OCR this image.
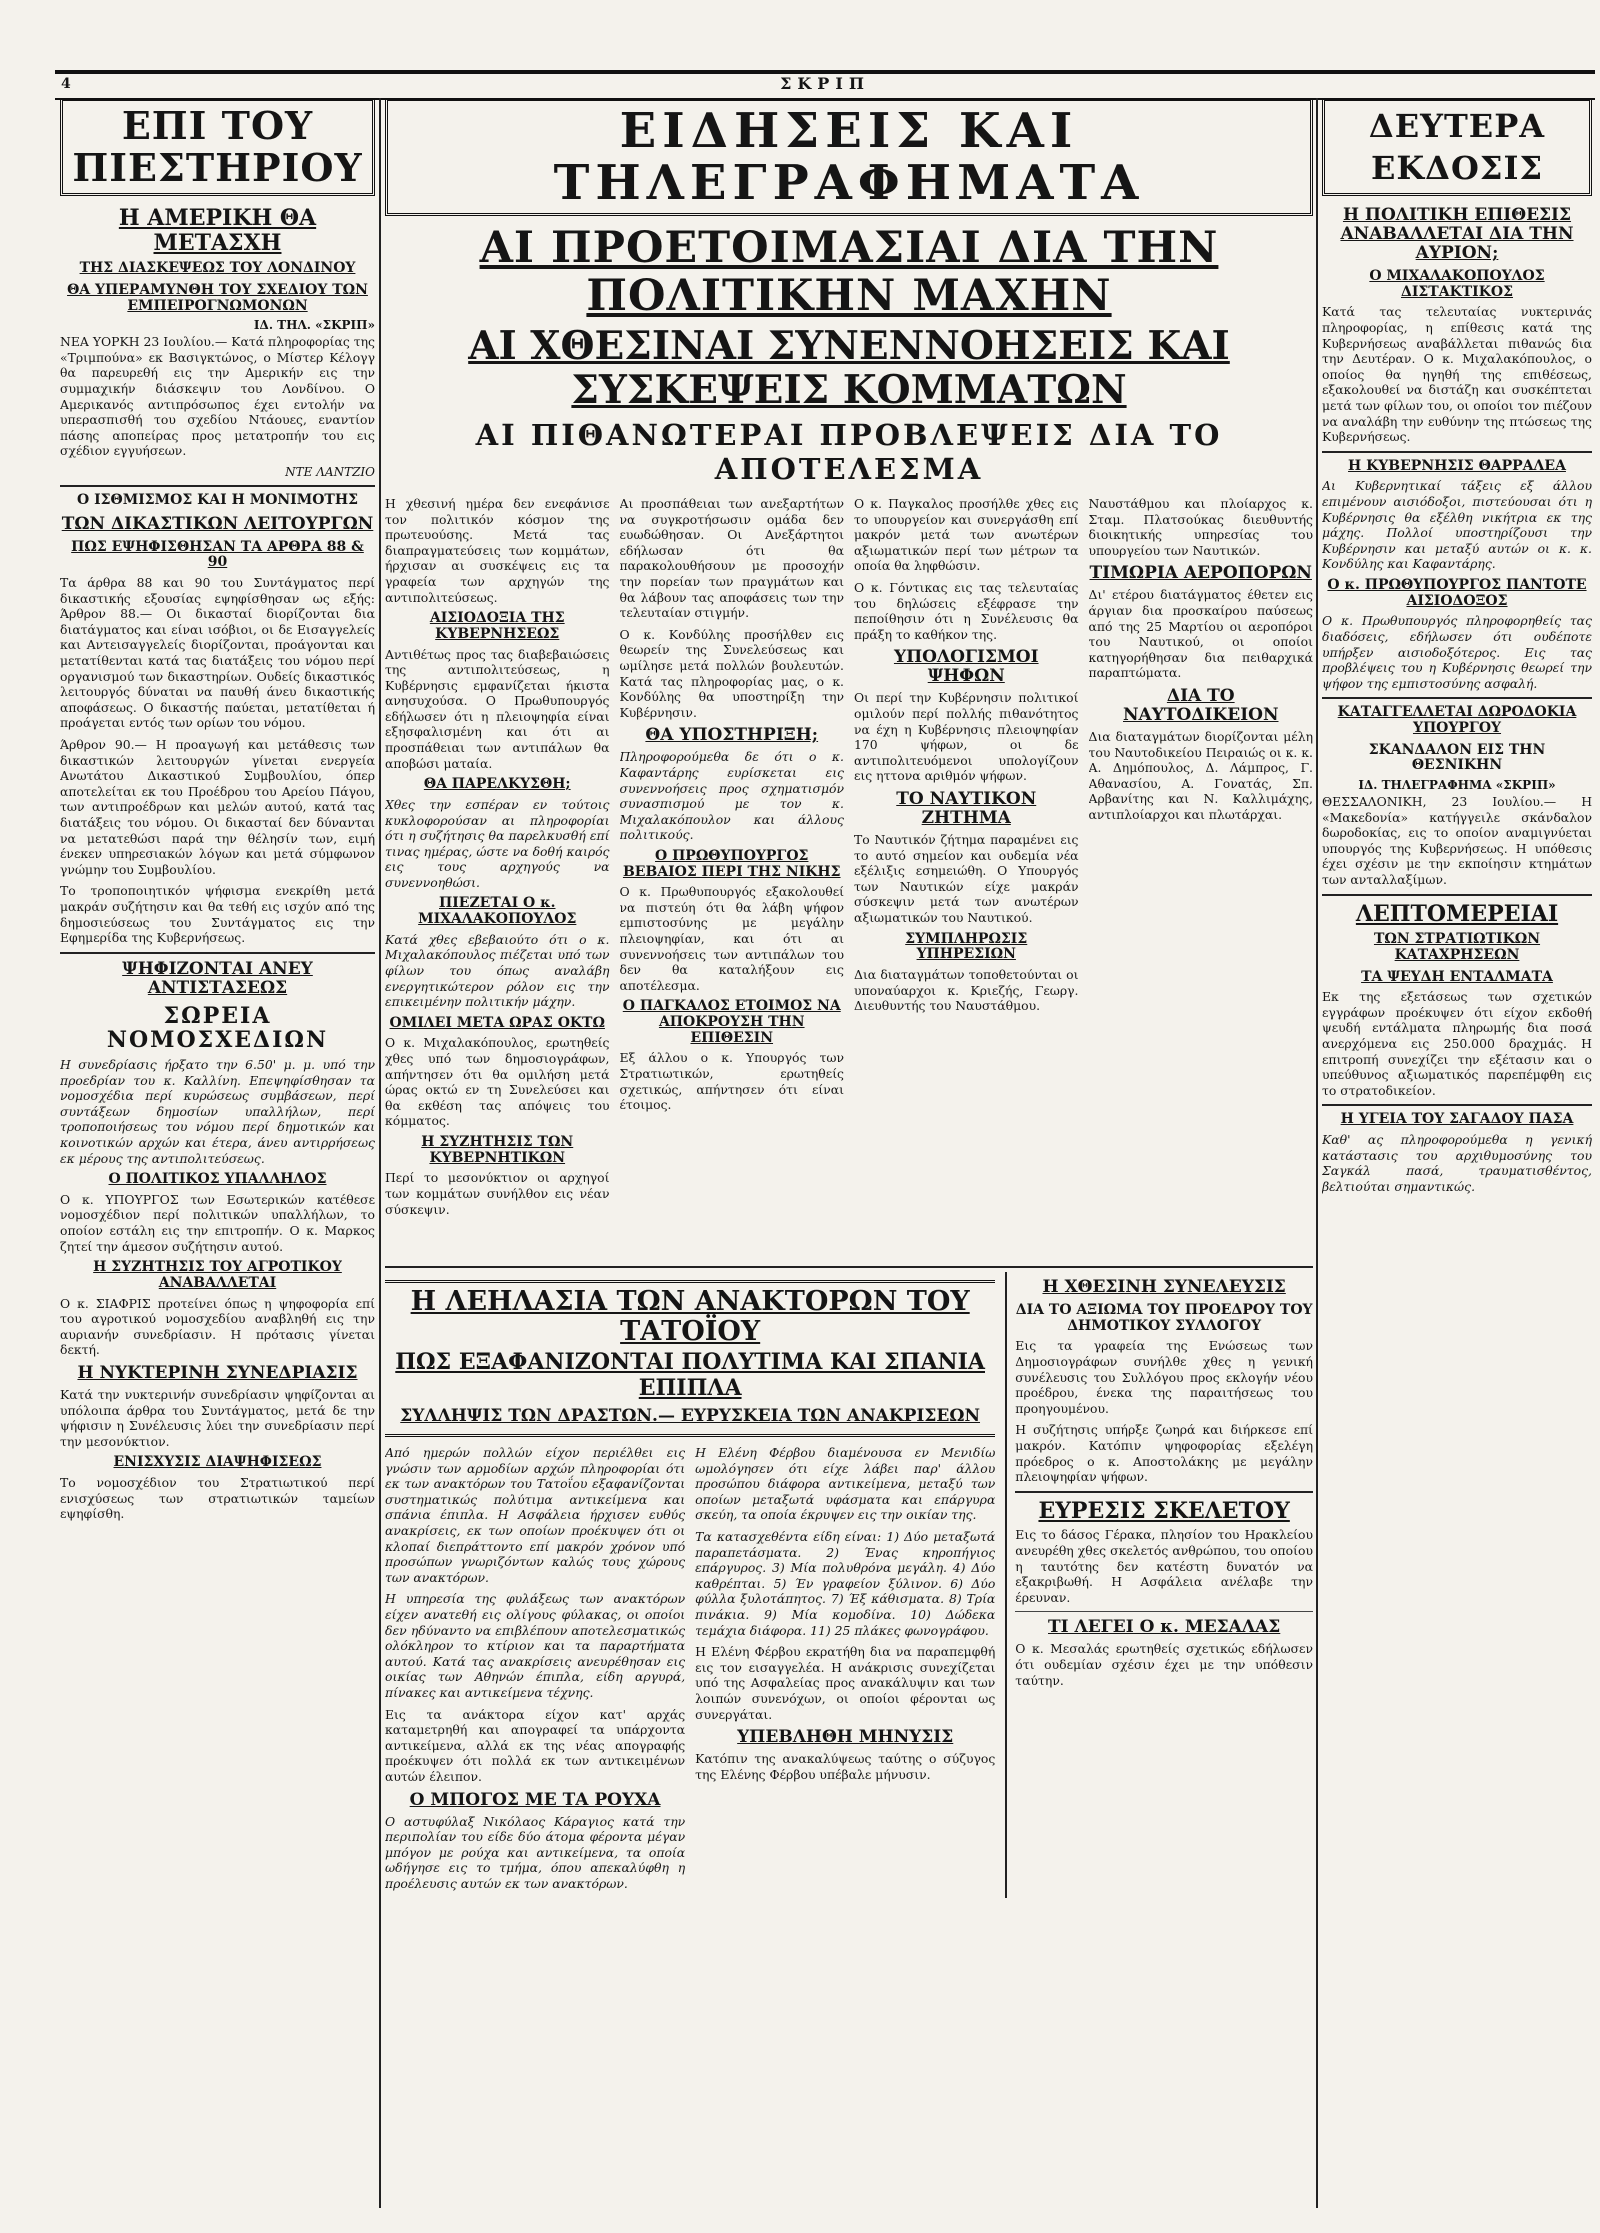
4	ΣΚΡΙΠ
ΕΠΙ ΤΟΥ ΠΙΕΣΤΗΡΙΟΥ
Η ΑΜΕΡΙΚΗ ΘΑ ΜΕΤΑΣΧΗ
ΤΗΣ ΔΙΑΣΚΕΨΕΩΣ ΤΟΥ ΛΟΝΔΙΝΟΥ
ΘΑ ΥΠΕΡΑΜΥΝΘΗ ΤΟΥ ΣΧΕΔΙΟΥ ΤΩΝ ΕΜΠΕΙΡΟΓΝΩΜΟΝΩΝ
ΙΔ. ΤΗΛ. «ΣΚΡΙΠ»

ΝΕΑ ΥΟΡΚΗ 23 Ιουλίου.— Κατά πληροφορίας της «Τριμπούνα» εκ Βασιγκτώνος, ο Μίστερ Κέλογγ θα παρευρεθή εις την Αμερικήν εις την συμμαχικήν διάσκεψιν του Λονδίνου. Ο Αμερικανός αντιπρόσωπος έχει εντολήν να υπερασπισθή του σχεδίου Ντάουες, εναντίον πάσης αποπείρας προς μετατροπήν του εις σχέδιον εγγυήσεων.

ΝΤΕ ΛΑΝΤΖΙΟ
Ο ΙΣΘΜΙΣΜΟΣ ΚΑΙ Η ΜΟΝΙΜΟΤΗΣ
ΤΩΝ ΔΙΚΑΣΤΙΚΩΝ ΛΕΙΤΟΥΡΓΩΝ
ΠΩΣ ΕΨΗΦΙΣΘΗΣΑΝ ΤΑ ΑΡΘΡΑ 88 & 90

Τα άρθρα 88 και 90 του Συντάγματος περί δικαστικής εξουσίας εψηφίσθησαν ως εξής: Άρθρον 88.— Οι δικασταί διορίζονται δια διατάγματος και είναι ισόβιοι, οι δε Εισαγγελείς και Αντεισαγγελείς διορίζονται, προάγονται και μετατίθενται κατά τας διατάξεις του νόμου περί οργανισμού των δικαστηρίων. Ουδείς δικαστικός λειτουργός δύναται να παυθή άνευ δικαστικής αποφάσεως. Ο δικαστής παύεται, μετατίθεται ή προάγεται εντός των ορίων του νόμου.

Άρθρον 90.— Η προαγωγή και μετάθεσις των δικαστικών λειτουργών γίνεται ενεργεία Ανωτάτου Δικαστικού Συμβουλίου, όπερ αποτελείται εκ του Προέδρου του Αρείου Πάγου, των αντιπροέδρων και μελών αυτού, κατά τας διατάξεις του νόμου. Οι δικασταί δεν δύνανται να μετατεθώσι παρά την θέλησίν των, ειμή ένεκεν υπηρεσιακών λόγων και μετά σύμφωνον γνώμην του Συμβουλίου.

Το τροποποιητικόν ψήφισμα ενεκρίθη μετά μακράν συζήτησιν και θα τεθή εις ισχύν από της δημοσιεύσεως του Συντάγματος εις την Εφημερίδα της Κυβερνήσεως.

ΨΗΦΙΖΟΝΤΑΙ ΑΝΕΥ ΑΝΤΙΣΤΑΣΕΩΣ
ΣΩΡΕΙΑ ΝΟΜΟΣΧΕΔΙΩΝ

Η συνεδρίασις ήρξατο την 6.50' μ. μ. υπό την προεδρίαν του κ. Καλλίνη. Επεψηφίσθησαν τα νομοσχέδια περί κυρώσεως συμβάσεων, περί συντάξεων δημοσίων υπαλλήλων, περί τροποποιήσεως του νόμου περί δημοτικών και κοινοτικών αρχών και έτερα, άνευ αντιρρήσεως εκ μέρους της αντιπολιτεύσεως.

Ο ΠΟΛΙΤΙΚΟΣ ΥΠΑΛΛΗΛΟΣ

Ο κ. ΥΠΟΥΡΓΟΣ των Εσωτερικών κατέθεσε νομοσχέδιον περί πολιτικών υπαλλήλων, το οποίον εστάλη εις την επιτροπήν. Ο κ. Μαρκος ζητεί την άμεσον συζήτησιν αυτού.

Η ΣΥΖΗΤΗΣΙΣ ΤΟΥ ΑΓΡΟΤΙΚΟΥ ΑΝΑΒΑΛΛΕΤΑΙ

Ο κ. ΣΙΑΦΡΙΣ προτείνει όπως η ψηφοφορία επί του αγροτικού νομοσχεδίου αναβληθή εις την αυριανήν συνεδρίασιν. Η πρότασις γίνεται δεκτή.

Η ΝΥΚΤΕΡΙΝΗ ΣΥΝΕΔΡΙΑΣΙΣ

Κατά την νυκτερινήν συνεδρίασιν ψηφίζονται αι υπόλοιπα άρθρα του Συντάγματος, μετά δε την ψήφισιν η Συνέλευσις λύει την συνεδρίασιν περί την μεσονύκτιον.

ΕΝΙΣΧΥΣΙΣ ΔΙΑΨΗΦΙΣΕΩΣ

Το νομοσχέδιον του Στρατιωτικού περί ενισχύσεως των στρατιωτικών ταμείων εψηφίσθη.

ΕΙΔΗΣΕΙΣ ΚΑΙ ΤΗΛΕΓΡΑΦΗΜΑΤΑ
ΑΙ ΠΡΟΕΤΟΙΜΑΣΙΑΙ ΔΙΑ ΤΗΝ ΠΟΛΙΤΙΚΗΝ ΜΑΧΗΝ
ΑΙ ΧΘΕΣΙΝΑΙ ΣΥΝΕΝΝΟΗΣΕΙΣ ΚΑΙ ΣΥΣΚΕΨΕΙΣ ΚΟΜΜΑΤΩΝ
ΑΙ ΠΙΘΑΝΩΤΕΡΑΙ ΠΡΟΒΛΕΨΕΙΣ ΔΙΑ ΤΟ ΑΠΟΤΕΛΕΣΜΑ

Η χθεσινή ημέρα δεν ενεφάνισε τον πολιτικόν κόσμον της πρωτευούσης. Μετά τας διαπραγματεύσεις των κομμάτων, ήρχισαν αι συσκέψεις εις τα γραφεία των αρχηγών της αντιπολιτεύσεως.

ΑΙΣΙΟΔΟΞΙΑ ΤΗΣ ΚΥΒΕΡΝΗΣΕΩΣ

Αντιθέτως προς τας διαβεβαιώσεις της αντιπολιτεύσεως, η Κυβέρνησις εμφανίζεται ήκιστα ανησυχούσα. Ο Πρωθυπουργός εδήλωσεν ότι η πλειοψηφία είναι εξησφαλισμένη και ότι αι προσπάθειαι των αντιπάλων θα αποβώσι ματαία.

ΘΑ ΠΑΡΕΛΚΥΣΘΗ;

Χθες την εσπέραν εν τούτοις κυκλοφορούσαν αι πληροφορίαι ότι η συζήτησις θα παρελκυσθή επί τινας ημέρας, ώστε να δοθή καιρός εις τους αρχηγούς να συνεννοηθώσι.

ΠΙΕΖΕΤΑΙ Ο κ. ΜΙΧΑΛΑΚΟΠΟΥΛΟΣ

Κατά χθες εβεβαιούτο ότι ο κ. Μιχαλακόπουλος πιέζεται υπό των φίλων του όπως αναλάβη ενεργητικώτερον ρόλον εις την επικειμένην πολιτικήν μάχην.

ΟΜΙΛΕΙ ΜΕΤΑ ΩΡΑΣ ΟΚΤΩ

Ο κ. Μιχαλακόπουλος, ερωτηθείς χθες υπό των δημοσιογράφων, απήντησεν ότι θα ομιλήση μετά ώρας οκτώ εν τη Συνελεύσει και θα εκθέση τας απόψεις του κόμματος.

Η ΣΥΖΗΤΗΣΙΣ ΤΩΝ ΚΥΒΕΡΝΗΤΙΚΩΝ

Περί το μεσονύκτιον οι αρχηγοί των κομμάτων συνήλθον εις νέαν σύσκεψιν.

Αι προσπάθειαι των ανεξαρτήτων να συγκροτήσωσιν ομάδα δεν ευωδώθησαν. Οι Ανεξάρτητοι εδήλωσαν ότι θα παρακολουθήσουν με προσοχήν την πορείαν των πραγμάτων και θα λάβουν τας αποφάσεις των την τελευταίαν στιγμήν.

Ο κ. Κονδύλης προσήλθεν εις θεωρείν της Συνελεύσεως και ωμίλησε μετά πολλών βουλευτών. Κατά τας πληροφορίας μας, ο κ. Κονδύλης θα υποστηρίξη την Κυβέρνησιν.

ΘΑ ΥΠΟΣΤΗΡΙΞΗ;

Πληροφορούμεθα δε ότι ο κ. Καφαντάρης ευρίσκεται εις συνεννοήσεις προς σχηματισμόν συνασπισμού με τον κ. Μιχαλακόπουλον και άλλους πολιτικούς.

Ο ΠΡΩΘΥΠΟΥΡΓΟΣ ΒΕΒΑΙΟΣ ΠΕΡΙ ΤΗΣ ΝΙΚΗΣ

Ο κ. Πρωθυπουργός εξακολουθεί να πιστεύη ότι θα λάβη ψήφον εμπιστοσύνης με μεγάλην πλειοψηφίαν, και ότι αι συνεννοήσεις των αντιπάλων του δεν θα καταλήξουν εις αποτέλεσμα.

Ο ΠΑΓΚΑΛΟΣ ΕΤΟΙΜΟΣ ΝΑ ΑΠΟΚΡΟΥΣΗ ΤΗΝ ΕΠΙΘΕΣΙΝ

Εξ άλλου ο κ. Υπουργός των Στρατιωτικών, ερωτηθείς σχετικώς, απήντησεν ότι είναι έτοιμος.

Ο κ. Παγκαλος προσήλθε χθες εις το υπουργείον και συνεργάσθη επί μακρόν μετά των ανωτέρων αξιωματικών περί των μέτρων τα οποία θα ληφθώσιν.

Ο κ. Γόντικας εις τας τελευταίας του δηλώσεις εξέφρασε την πεποίθησιν ότι η Συνέλευσις θα πράξη το καθήκον της.

ΥΠΟΛΟΓΙΣΜΟΙ ΨΗΦΩΝ

Οι περί την Κυβέρνησιν πολιτικοί ομιλούν περί πολλής πιθανότητος να έχη η Κυβέρνησις πλειοψηφίαν 170 ψήφων, οι δε αντιπολιτευόμενοι υπολογίζουν εις ηττονα αριθμόν ψήφων.

ΤΟ ΝΑΥΤΙΚΟΝ ΖΗΤΗΜΑ

Το Ναυτικόν ζήτημα παραμένει εις το αυτό σημείον και ουδεμία νέα εξέλιξις εσημειώθη. Ο Υπουργός των Ναυτικών είχε μακράν σύσκεψιν μετά των ανωτέρων αξιωματικών του Ναυτικού.

ΣΥΜΠΛΗΡΩΣΙΣ ΥΠΗΡΕΣΙΩΝ

Δια διαταγμάτων τοποθετούνται οι υποναύαρχοι κ. Κριεζής, Γεωργ. Διευθυντής του Ναυστάθμου.

Ναυστάθμου και πλοίαρχος κ. Σταμ. Πλατσούκας διευθυντής διοικητικής υπηρεσίας του υπουργείου των Ναυτικών.

ΤΙΜΩΡΙΑ ΑΕΡΟΠΟΡΩΝ

Δι' ετέρου διατάγματος έθετεν εις άργιαν δια προσκαίρου παύσεως από της 25 Μαρτίου οι αεροπόροι του Ναυτικού, οι οποίοι κατηγορήθησαν δια πειθαρχικά παραπτώματα.

ΔΙΑ ΤΟ ΝΑΥΤΟΔΙΚΕΙΟΝ

Δια διαταγμάτων διορίζονται μέλη του Ναυτοδικείου Πειραιώς οι κ. κ. Α. Δημόπουλος, Δ. Λάμπρος, Γ. Αθανασίου, Α. Γονατάς, Σπ. Αρβανίτης και Ν. Καλλιμάχης, αντιπλοίαρχοι και πλωτάρχαι.

Η ΛΕΗΛΑΣΙΑ ΤΩΝ ΑΝΑΚΤΟΡΩΝ ΤΟΥ ΤΑΤΟΪΟΥ
ΠΩΣ ΕΞΑΦΑΝΙΖΟΝΤΑΙ ΠΟΛΥΤΙΜΑ ΚΑΙ ΣΠΑΝΙΑ ΕΠΙΠΛΑ
ΣΥΛΛΗΨΙΣ ΤΩΝ ΔΡΑΣΤΩΝ.— ΕΥΡΥΣΚΕΙΑ ΤΩΝ ΑΝΑΚΡΙΣΕΩΝ

Από ημερών πολλών είχον περιέλθει εις γνώσιν των αρμοδίων αρχών πληροφορίαι ότι εκ των ανακτόρων του Τατοΐου εξαφανίζονται συστηματικώς πολύτιμα αντικείμενα και σπάνια έπιπλα. Η Ασφάλεια ήρχισεν ευθύς ανακρίσεις, εκ των οποίων προέκυψεν ότι οι κλοπαί διεπράττοντο επί μακρόν χρόνον υπό προσώπων γνωριζόντων καλώς τους χώρους των ανακτόρων.

Η υπηρεσία της φυλάξεως των ανακτόρων είχεν ανατεθή εις ολίγους φύλακας, οι οποίοι δεν ηδύναντο να επιβλέπουν αποτελεσματικώς ολόκληρον το κτίριον και τα παραρτήματα αυτού. Κατά τας ανακρίσεις ανευρέθησαν εις οικίας των Αθηνών έπιπλα, είδη αργυρά, πίνακες και αντικείμενα τέχνης.

Εις τα ανάκτορα είχον κατ' αρχάς καταμετρηθή και απογραφεί τα υπάρχοντα αντικείμενα, αλλά εκ της νέας απογραφής προέκυψεν ότι πολλά εκ των αντικειμένων αυτών έλειπον.

Ο ΜΠΟΓΟΣ ΜΕ ΤΑ ΡΟΥΧΑ

Ο αστυφύλαξ Νικόλαος Κάραγιος κατά την περιπολίαν του είδε δύο άτομα φέροντα μέγαν μπόγον με ρούχα και αντικείμενα, τα οποία ωδήγησε εις το τμήμα, όπου απεκαλύφθη η προέλευσις αυτών εκ των ανακτόρων.

Η Ελένη Φέρβου διαμένουσα εν Μενιδίω ωμολόγησεν ότι είχε λάβει παρ' άλλου προσώπου διάφορα αντικείμενα, μεταξύ των οποίων μεταξωτά υφάσματα και επάργυρα σκεύη, τα οποία έκρυψεν εις την οικίαν της.

Τα κατασχεθέντα είδη είναι: 1) Δύο μεταξωτά παραπετάσματα. 2) Ένας κηροπήγιος επάργυρος. 3) Μία πολυθρόνα μεγάλη. 4) Δύο καθρέπται. 5) Έν γραφείον ξύλινον. 6) Δύο φύλλα ξυλοτάπητος. 7) Έξ κάθισματα. 8) Τρία πινάκια. 9) Μία κομοδίνα. 10) Δώδεκα τεμάχια διάφορα. 11) 25 πλάκες φωνογράφου.

Η Ελένη Φέρβου εκρατήθη δια να παραπεμφθή εις τον εισαγγελέα. Η ανάκρισις συνεχίζεται υπό της Ασφαλείας προς ανακάλυψιν και των λοιπών συνενόχων, οι οποίοι φέρονται ως συνεργάται.

ΥΠΕΒΛΗΘΗ ΜΗΝΥΣΙΣ

Κατόπιν της ανακαλύψεως ταύτης ο σύζυγος της Ελένης Φέρβου υπέβαλε μήνυσιν.

Η ΧΘΕΣΙΝΗ ΣΥΝΕΛΕΥΣΙΣ
ΔΙΑ ΤΟ ΑΞΙΩΜΑ ΤΟΥ ΠΡΟΕΔΡΟΥ ΤΟΥ ΔΗΜΟΤΙΚΟΥ ΣΥΛΛΟΓΟΥ

Εις τα γραφεία της Ενώσεως των Δημοσιογράφων συνήλθε χθες η γενική συνέλευσις του Συλλόγου προς εκλογήν νέου προέδρου, ένεκα της παραιτήσεως του προηγουμένου.

Η συζήτησις υπήρξε ζωηρά και διήρκεσε επί μακρόν. Κατόπιν ψηφοφορίας εξελέγη πρόεδρος ο κ. Αποστολάκης με μεγάλην πλειοψηφίαν ψήφων.

ΕΥΡΕΣΙΣ ΣΚΕΛΕΤΟΥ

Εις το δάσος Γέρακα, πλησίον του Ηρακλείου ανευρέθη χθες σκελετός ανθρώπου, του οποίου η ταυτότης δεν κατέστη δυνατόν να εξακριβωθή. Η Ασφάλεια ανέλαβε την έρευναν.

ΤΙ ΛΕΓΕΙ Ο κ. ΜΕΣΑΛΑΣ

Ο κ. Μεσαλάς ερωτηθείς σχετικώς εδήλωσεν ότι ουδεμίαν σχέσιν έχει με την υπόθεσιν ταύτην.

ΔΕΥΤΕΡΑ ΕΚΔΟΣΙΣ
Η ΠΟΛΙΤΙΚΗ ΕΠΙΘΕΣΙΣ ΑΝΑΒΑΛΛΕΤΑΙ ΔΙΑ ΤΗΝ ΑΥΡΙΟΝ;
Ο ΜΙΧΑΛΑΚΟΠΟΥΛΟΣ ΔΙΣΤΑΚΤΙΚΟΣ

Κατά τας τελευταίας νυκτερινάς πληροφορίας, η επίθεσις κατά της Κυβερνήσεως αναβάλλεται πιθανώς δια την Δευτέραν. Ο κ. Μιχαλακόπουλος, ο οποίος θα ηγηθή της επιθέσεως, εξακολουθεί να διστάζη και συσκέπτεται μετά των φίλων του, οι οποίοι τον πιέζουν να αναλάβη την ευθύνην της πτώσεως της Κυβερνήσεως.

Η ΚΥΒΕΡΝΗΣΙΣ ΘΑΡΡΑΛΕΑ

Αι Κυβερνητικαί τάξεις εξ άλλου επιμένουν αισιόδοξοι, πιστεύουσαι ότι η Κυβέρνησις θα εξέλθη νικήτρια εκ της μάχης. Πολλοί υποστηρίζουσι την Κυβέρνησιν και μεταξύ αυτών οι κ. κ. Κονδύλης και Καφαντάρης.

Ο κ. ΠΡΩΘΥΠΟΥΡΓΟΣ ΠΑΝΤΟΤΕ ΑΙΣΙΟΔΟΞΟΣ

Ο κ. Πρωθυπουργός πληροφορηθείς τας διαδόσεις, εδήλωσεν ότι ουδέποτε υπήρξεν αισιοδοξότερος. Εις τας προβλέψεις του η Κυβέρνησις θεωρεί την ψήφον της εμπιστοσύνης ασφαλή.

ΚΑΤΑΓΓΕΛΛΕΤΑΙ ΔΩΡΟΔΟΚΙΑ ΥΠΟΥΡΓΟΥ
ΣΚΑΝΔΑΛΟΝ ΕΙΣ ΤΗΝ ΘΕΣΝΙΚΗΝ
ΙΔ. ΤΗΛΕΓΡΑΦΗΜΑ «ΣΚΡΙΠ»

ΘΕΣΣΑΛΟΝΙΚΗ, 23 Ιουλίου.— Η «Μακεδονία» κατήγγειλε σκάνδαλον δωροδοκίας, εις το οποίον αναμιγνύεται υπουργός της Κυβερνήσεως. Η υπόθεσις έχει σχέσιν με την εκποίησιν κτημάτων των ανταλλαξίμων.

ΛΕΠΤΟΜΕΡΕΙΑΙ
ΤΩΝ ΣΤΡΑΤΙΩΤΙΚΩΝ ΚΑΤΑΧΡΗΣΕΩΝ
ΤΑ ΨΕΥΔΗ ΕΝΤΑΛΜΑΤΑ

Εκ της εξετάσεως των σχετικών εγγράφων προέκυψεν ότι είχον εκδοθή ψευδή εντάλματα πληρωμής δια ποσά ανερχόμενα εις 250.000 δραχμάς. Η επιτροπή συνεχίζει την εξέτασιν και ο υπεύθυνος αξιωματικός παρεπέμφθη εις το στρατοδικείον.

Η ΥΓΕΙΑ ΤΟΥ ΣΑΓΑΔΟΥ ΠΑΣΑ

Καθ' ας πληροφορούμεθα η γενική κατάστασις του αρχιθυμοσύνης του Σαγκάλ πασά, τραυματισθέντος, βελτιούται σημαντικώς.
